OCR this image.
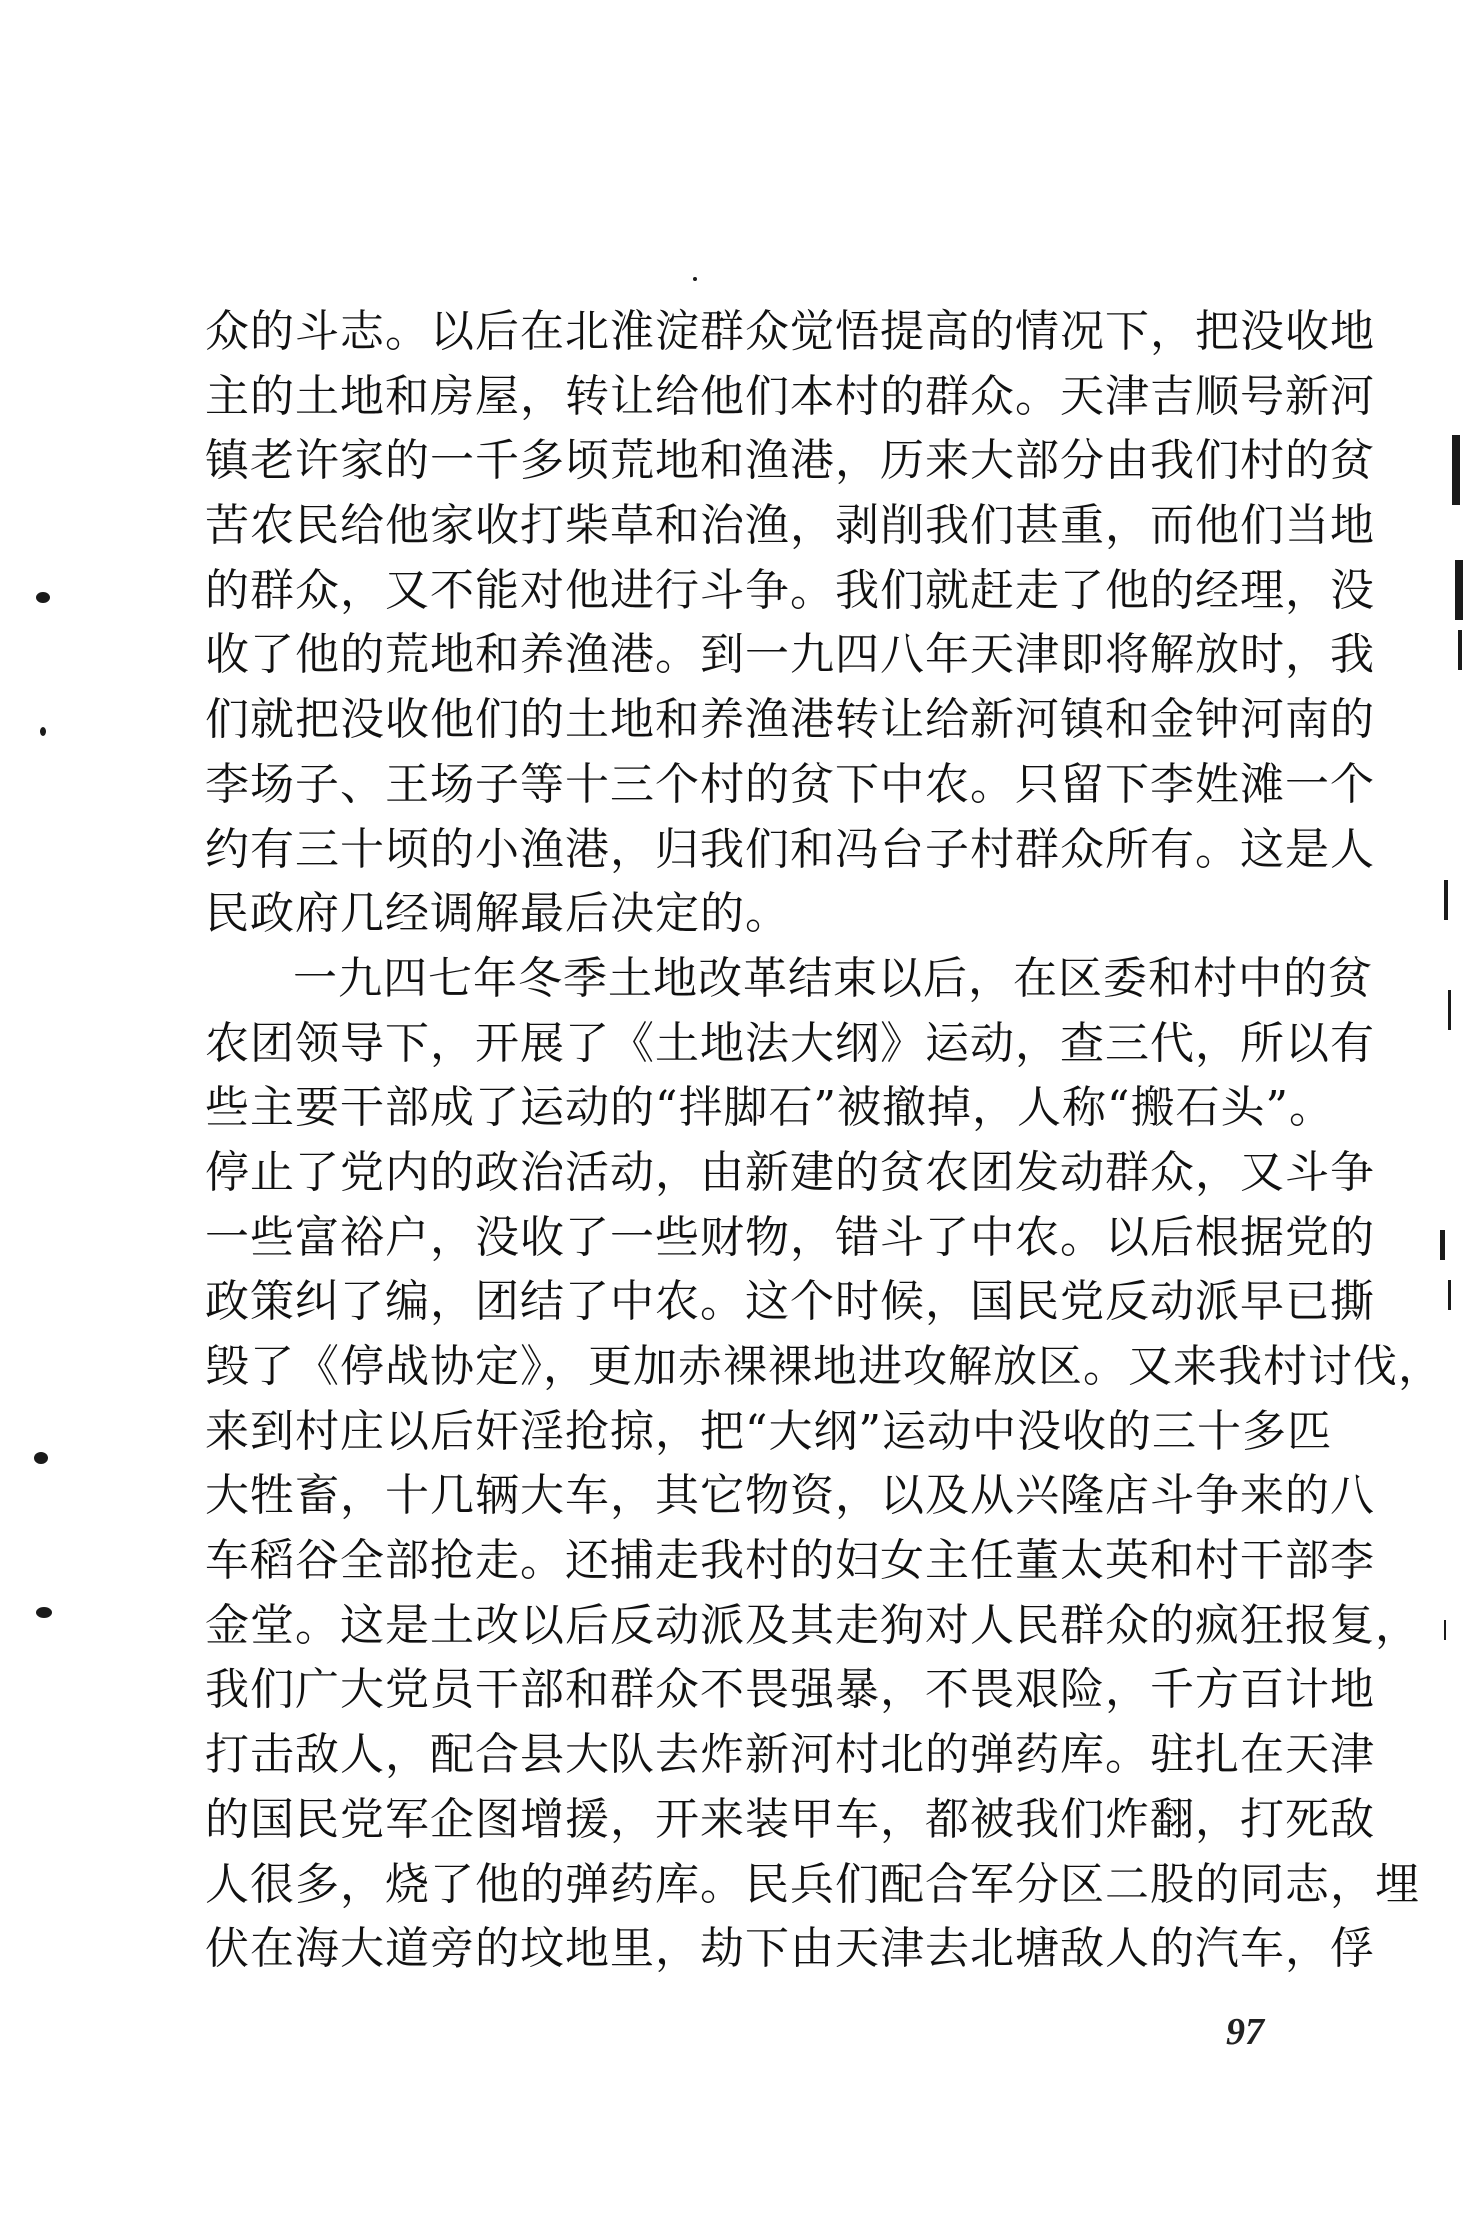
众的斗志。以后在北淮淀群众觉悟提高的情况下，把没收地
主的土地和房屋，转让给他们本村的群众。天津吉顺号新河
镇老许家的一千多顷荒地和渔港，历来大部分由我们村的贫
苦农民给他家收打柴草和治渔，剥削我们甚重，而他们当地
的群众，又不能对他进行斗争。我们就赶走了他的经理，没
收了他的荒地和养渔港。到一九四八年天津即将解放时，我
们就把没收他们的土地和养渔港转让给新河镇和金钟河南的
李场子、王场子等十三个村的贫下中农。只留下李姓滩一个
约有三十顷的小渔港，归我们和冯台子村群众所有。这是人
民政府几经调解最后决定的。
一九四七年冬季土地改革结束以后，在区委和村中的贫
农团领导下，开展了《土地法大纲》运动，查三代，所以有
些主要干部成了运动的“拌脚石”被撤掉，人称“搬石头”。
停止了党内的政治活动，由新建的贫农团发动群众，又斗争
一些富裕户，没收了一些财物，错斗了中农。以后根据党的
政策纠了编，团结了中农。这个时候，国民党反动派早已撕
毁了《停战协定》，更加赤裸裸地进攻解放区。又来我村讨伐，
来到村庄以后奸淫抢掠，把“大纲”运动中没收的三十多匹
大牲畜，十几辆大车，其它物资，以及从兴隆店斗争来的八
车稻谷全部抢走。还捕走我村的妇女主任董太英和村干部李
金堂。这是土改以后反动派及其走狗对人民群众的疯狂报复，
我们广大党员干部和群众不畏强暴，不畏艰险，千方百计地
打击敌人，配合县大队去炸新河村北的弹药库。驻扎在天津
的国民党军企图增援，开来装甲车，都被我们炸翻，打死敌
人很多，烧了他的弹药库。民兵们配合军分区二股的同志，埋
伏在海大道旁的坟地里，劫下由天津去北塘敌人的汽车，俘
97
